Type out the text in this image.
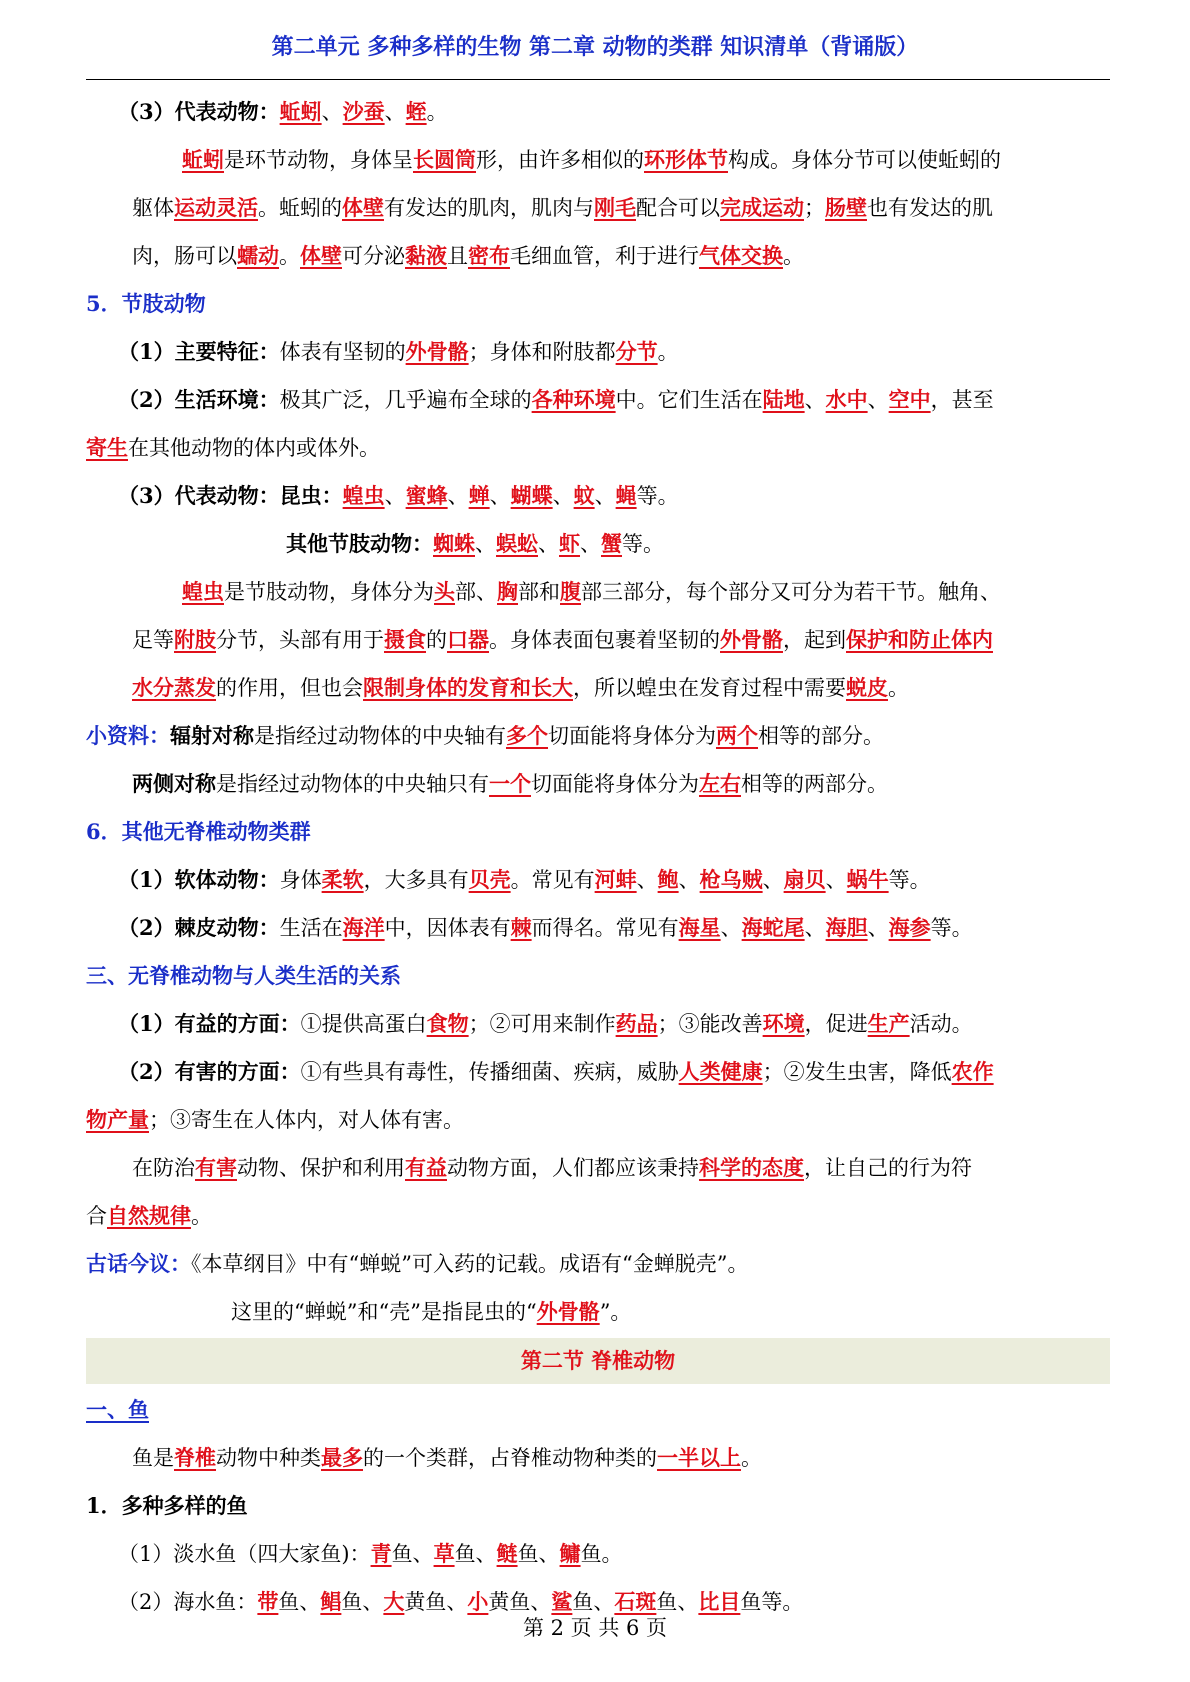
第二单元 多种多样的生物 第二章 动物的类群 知识清单（背诵版）
（3）代表动物：蚯蚓、沙蚕、蛭。
蚯蚓是环节动物，身体呈长圆筒形，由许多相似的环形体节构成。身体分节可以使蚯蚓的
躯体运动灵活。蚯蚓的体壁有发达的肌肉，肌肉与刚毛配合可以完成运动；肠壁也有发达的肌
肉，肠可以蠕动。体壁可分泌黏液且密布毛细血管，利于进行气体交换。
5．节肢动物
（1）主要特征：体表有坚韧的外骨骼；身体和附肢都分节。
（2）生活环境：极其广泛，几乎遍布全球的各种环境中。它们生活在陆地、水中、空中，甚至
寄生在其他动物的体内或体外。
（3）代表动物：昆虫：蝗虫、蜜蜂、蝉、蝴蝶、蚊、蝇等。
其他节肢动物：蜘蛛、蜈蚣、虾、蟹等。
蝗虫是节肢动物，身体分为头部、胸部和腹部三部分，每个部分又可分为若干节。触角、
足等附肢分节，头部有用于摄食的口器。身体表面包裹着坚韧的外骨骼，起到保护和防止体内
水分蒸发的作用，但也会限制身体的发育和长大，所以蝗虫在发育过程中需要蜕皮。
小资料：辐射对称是指经过动物体的中央轴有多个切面能将身体分为两个相等的部分。
两侧对称是指经过动物体的中央轴只有一个切面能将身体分为左右相等的两部分。
6．其他无脊椎动物类群
（1）软体动物：身体柔软，大多具有贝壳。常见有河蚌、鲍、枪乌贼、扇贝、蜗牛等。
（2）棘皮动物：生活在海洋中，因体表有棘而得名。常见有海星、海蛇尾、海胆、海参等。
三、无脊椎动物与人类生活的关系
（1）有益的方面：①提供高蛋白食物；②可用来制作药品；③能改善环境，促进生产活动。
（2）有害的方面：①有些具有毒性，传播细菌、疾病，威胁人类健康；②发生虫害，降低农作
物产量；③寄生在人体内，对人体有害。
在防治有害动物、保护和利用有益动物方面，人们都应该秉持科学的态度，让自己的行为符
合自然规律。
古话今议：《本草纲目》中有“蝉蜕”可入药的记载。成语有“金蝉脱壳”。
这里的“蝉蜕”和“壳”是指昆虫的“外骨骼”。
第二节 脊椎动物
一、鱼
鱼是脊椎动物中种类最多的一个类群，占脊椎动物种类的一半以上。
1．多种多样的鱼
（1）淡水鱼（四大家鱼)：青鱼、草鱼、鲢鱼、鳙鱼。
（2）海水鱼：带鱼、鲳鱼、大黄鱼、小黄鱼、鲨鱼、石斑鱼、比目鱼等。
第 2 页 共 6 页
